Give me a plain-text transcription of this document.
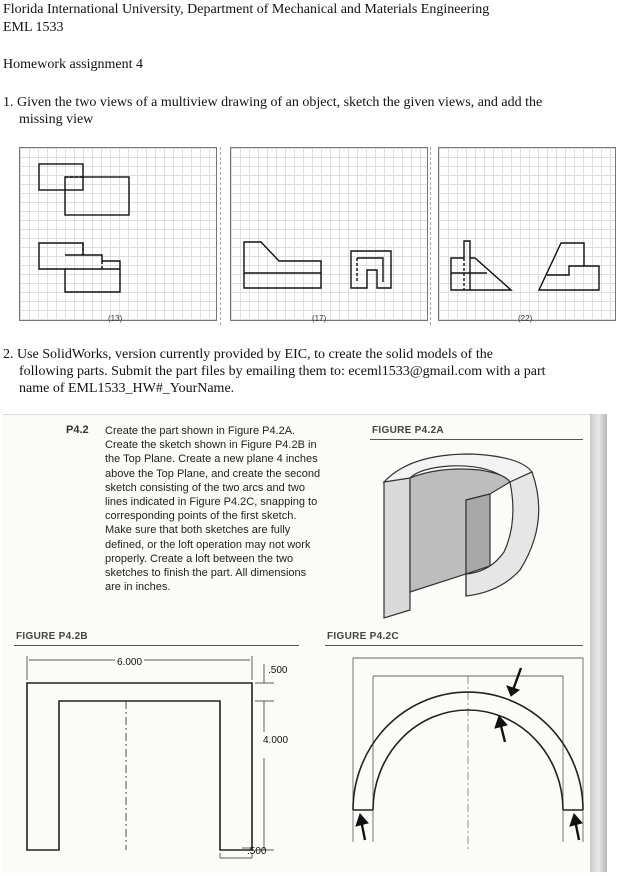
Florida International University, Department of Mechanical and Materials Engineering
EML 1533
Homework assignment 4
1. Given the two views of a multiview drawing of an object, sketch the given views, and add the
missing view
(13)	(17)	(22)
2. Use SolidWorks, version currently provided by EIC, to create the solid models of the
following parts. Submit the part files by emailing them to: eceml1533@gmail.com with a part
name of EML1533_HW#_YourName.
P4.2 Create the part shown in Figure P4.2A.
Create the sketch shown in Figure P4.2B in
the Top Plane. Create a new plane 4 inches
above the Top Plane, and create the second
sketch consisting of the two arcs and two
lines indicated in Figure P4.2C, snapping to
corresponding points of the first sketch.
Make sure that both sketches are fully
defined, or the loft operation may not work
properly. Create a loft between the two
sketches to finish the part. All dimensions
are in inches.
FIGURE P4.2A
FIGURE P4.2B
6.000
.500
4.000
.500
FIGURE P4.2C
